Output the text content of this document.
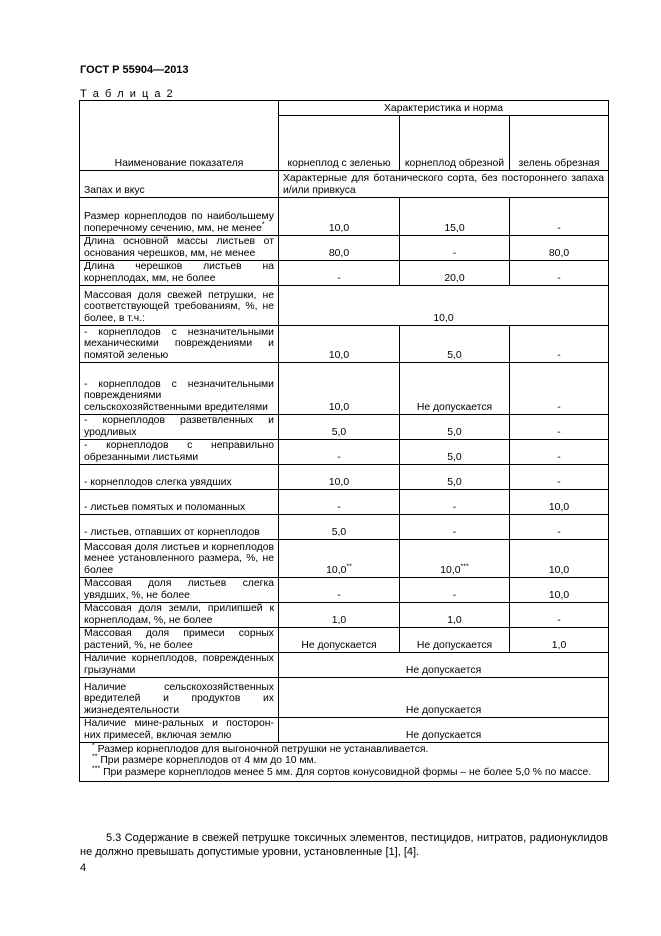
ГОСТ Р 55904—2013
Т а б л и ц а 2
Наименование показателя	Характеристика и норма		
	корнеплод с зеленью	корнеплод обрезной	зелень обрезная
Запах и вкус	Характерные для ботанического сорта, без постороннего запаха и/или привкуса		
Размер корнеплодов по наибольшему поперечному сечению, мм, не менее*	10,0	15,0	-
Длина основной массы листьев от основания черешков, мм, не менее	80,0	-	80,0
Длина черешков листьев на корнеплодах, мм, не более	-	20,0	-
Массовая доля свежей петрушки, не соответствующей требованиям, %, не более, в т.ч.:	10,0		
- корнеплодов с незначительными механическими повреждениями и помятой зеленью	10,0	5,0	-
- корнеплодов с незначительными повреждениями сельскохозяйственными вредителями	10,0	Не допускается	-
- корнеплодов разветвленных и уродливых	5,0	5,0	-
- корнеплодов с неправильно обрезанными листьями	-	5,0	-
- корнеплодов слегка увядших	10,0	5,0	-
- листьев помятых и поломанных	-	-	10,0
- листьев, отпавших от корнеплодов	5,0	-	-
Массовая доля листьев и корнеплодов менее установленного размера, %, не более	10,0**	10,0***	10,0
Массовая доля листьев слегка увядших, %, не более	-	-	10,0
Массовая доля земли, прилипшей к корнеплодам, %, не более	1,0	1,0	-
Массовая доля примеси сорных растений, %, не более	Не допускается	Не допускается	1,0
Наличие корнеплодов, поврежденных грызунами	Не допускается		
Наличие сельскохозяйственных вредителей и продуктов их жизнедеятельности	Не допускается		
Наличие мине-ральных и посторон-них примесей, включая землю	Не допускается		

* Размер корнеплодов для выгоночной петрушки не устанавливается.
** При размере корнеплодов от 4 мм до 10 мм.
*** При размере корнеплодов менее 5 мм. Для сортов конусовидной формы – не более 5,0 % по массе.			
5.3 Содержание в свежей петрушке токсичных элементов, пестицидов, нитратов, радионуклидов не должно превышать допустимые уровни, установленные [1], [4].
4
